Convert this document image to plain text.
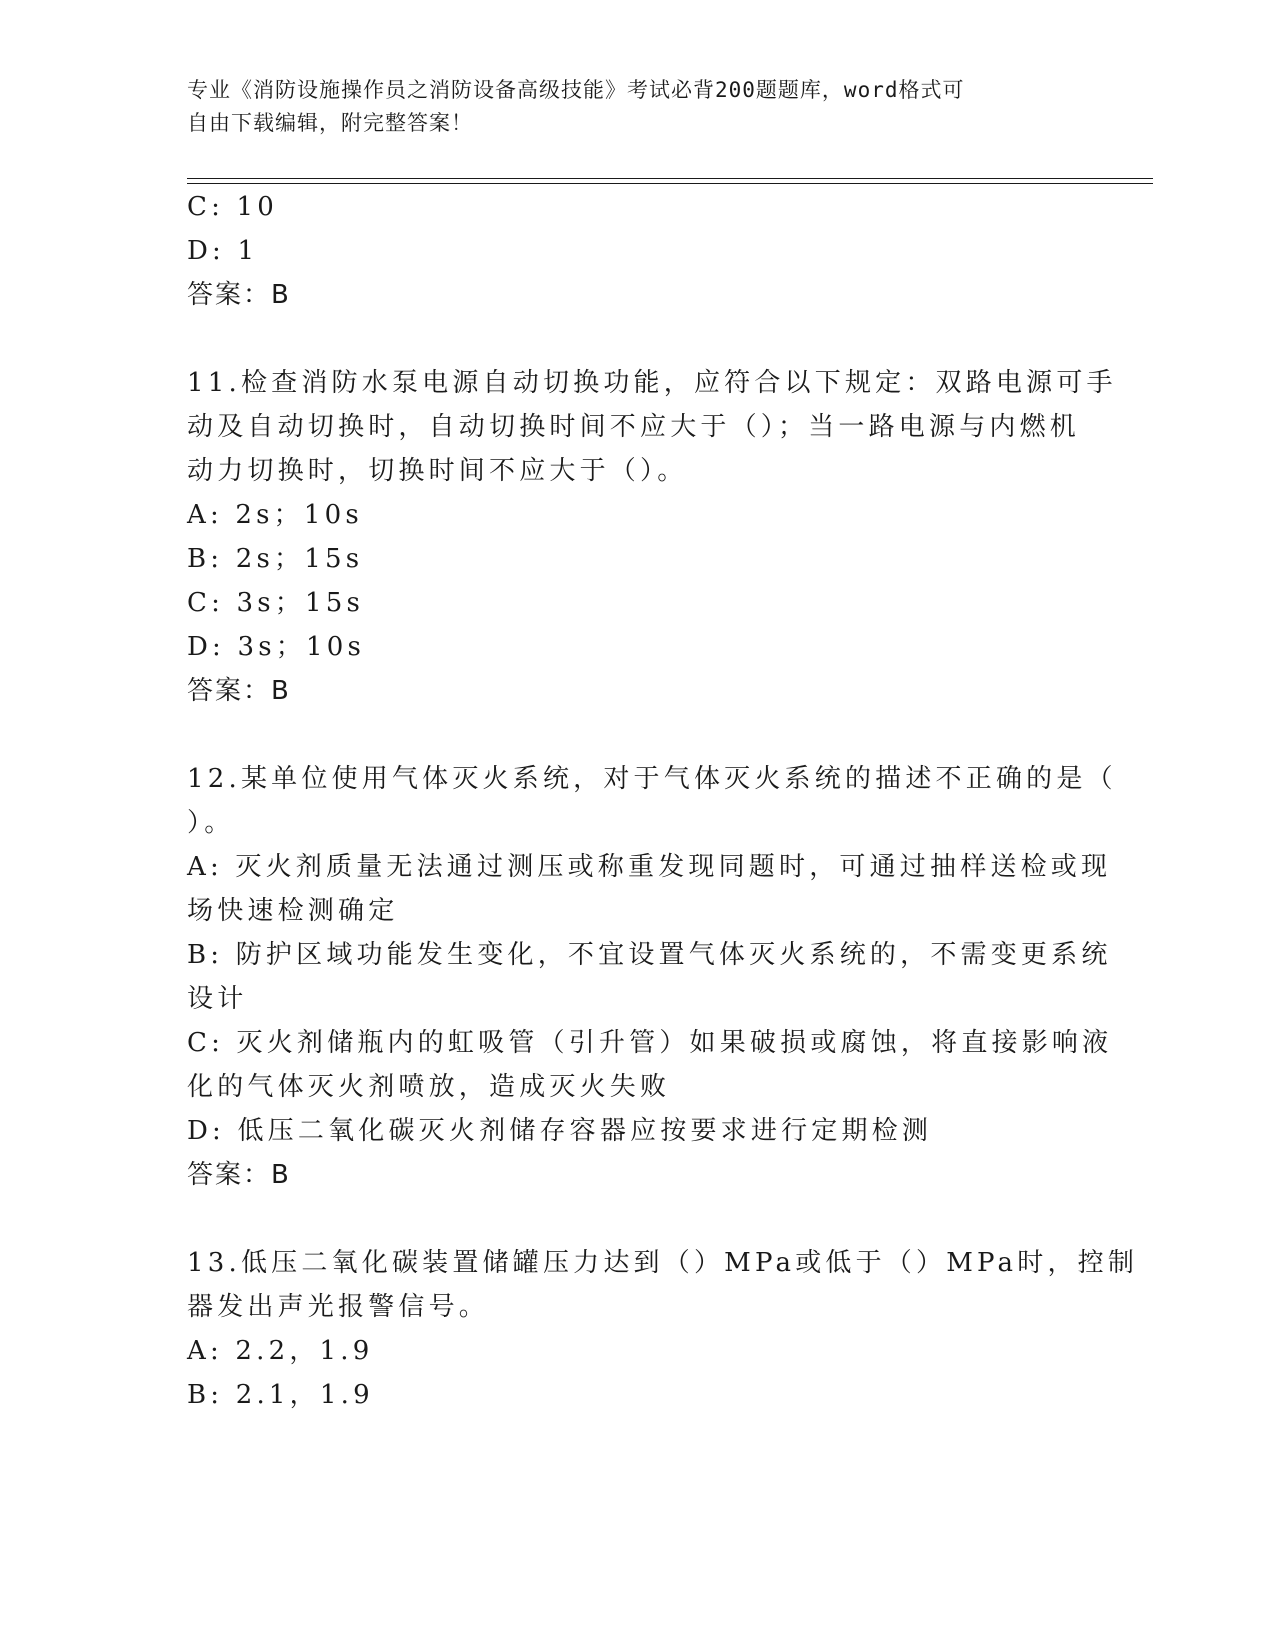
专业《消防设施操作员之消防设备高级技能》考试必背200题题库，word格式可
自由下载编辑，附完整答案！
C: 10
D: 1
答案：B
11.检查消防水泵电源自动切换功能，应符合以下规定：双路电源可手
动及自动切换时，自动切换时间不应大于（）；当一路电源与内燃机
动力切换时，切换时间不应大于（）。
A: 2s；10s
B: 2s；15s
C: 3s；15s
D: 3s；10s
答案：B
12.某单位使用气体灭火系统，对于气体灭火系统的描述不正确的是（
）。
A: 灭火剂质量无法通过测压或称重发现同题时，可通过抽样送检或现
场快速检测确定
B: 防护区域功能发生变化，不宜设置气体灭火系统的，不需变更系统
设计
C: 灭火剂储瓶内的虹吸管（引升管）如果破损或腐蚀，将直接影响液
化的气体灭火剂喷放，造成灭火失败
D: 低压二氧化碳灭火剂储存容器应按要求进行定期检测
答案：B
13.低压二氧化碳装置储罐压力达到（）MPa或低于（）MPa时，控制
器发出声光报警信号。
A: 2.2，1.9
B: 2.1，1.9
